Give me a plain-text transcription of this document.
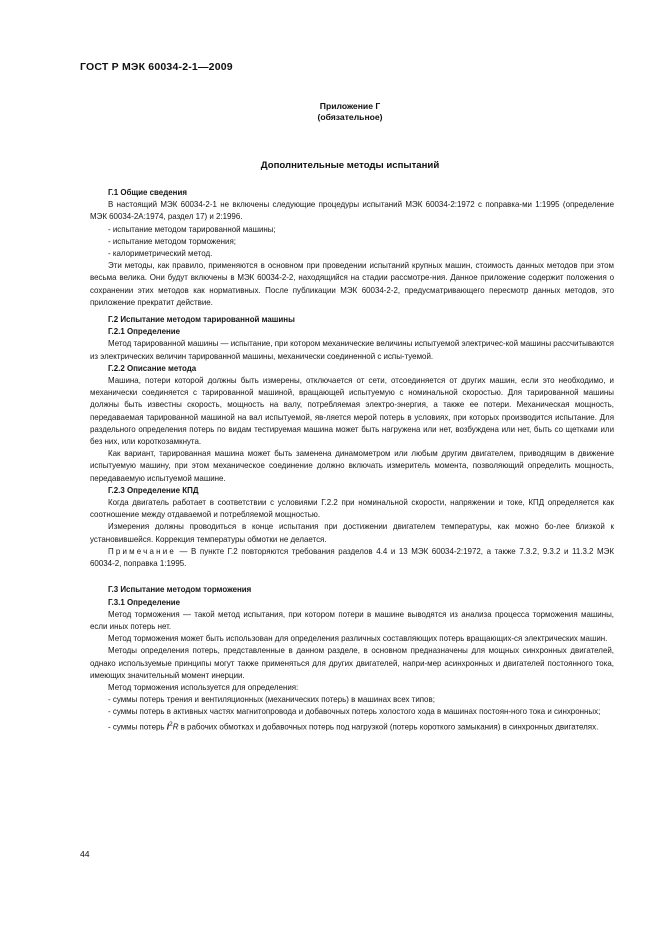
ГОСТ Р МЭК 60034-2-1—2009
Приложение Г
(обязательное)
Дополнительные методы испытаний

Г.1 Общие сведения

В настоящий МЭК 60034-2-1 не включены следующие процедуры испытаний МЭК 60034-2:1972 с поправка-ми 1:1995 (определение МЭК 60034-2А:1974, раздел 17) и 2:1996.

- испытание методом тарированной машины;

- испытание методом торможения;

- калориметрический метод.

Эти методы, как правило, применяются в основном при проведении испытаний крупных машин, стоимость данных методов при этом весьма велика. Они будут включены в МЭК 60034-2-2, находящийся на стадии рассмотре-ния. Данное приложение содержит положения о сохранении этих методов как нормативных. После публикации МЭК 60034-2-2, предусматривающего пересмотр данных методов, это приложение прекратит действие.

Г.2 Испытание методом тарированной машины

Г.2.1 Определение

Метод тарированной машины — испытание, при котором механические величины испытуемой электричес-кой машины рассчитываются из электрических величин тарированной машины, механически соединенной с испы-туемой.

Г.2.2 Описание метода

Машина, потери которой должны быть измерены, отключается от сети, отсоединяется от других машин, если это необходимо, и механически соединяется с тарированной машиной, вращающей испытуемую с номинальной скоростью. Для тарированной машины должны быть известны скорость, мощность на валу, потребляемая электро-энергия, а также ее потери. Механическая мощность, передаваемая тарированной машиной на вал испытуемой, яв-ляется мерой потерь в условиях, при которых производится испытание. Для раздельного определения потерь по видам тестируемая машина может быть нагружена или нет, возбуждена или нет, быть со щетками или без них, или короткозамкнута.

Как вариант, тарированная машина может быть заменена динамометром или любым другим двигателем, приводящим в движение испытуемую машину, при этом механическое соединение должно включать измеритель момента, позволяющий определить мощность, передаваемую испытуемой машине.

Г.2.3 Определение КПД

Когда двигатель работает в соответствии с условиями Г.2.2 при номинальной скорости, напряжении и токе, КПД определяется как соотношение между отдаваемой и потребляемой мощностью.

Измерения должны проводиться в конце испытания при достижении двигателем температуры, как можно бо-лее близкой к установившейся. Коррекция температуры обмотки не делается.

Примечание — В пункте Г.2 повторяются требования разделов 4.4 и 13 МЭК 60034-2:1972, а также 7.3.2, 9.3.2 и 11.3.2 МЭК 60034-2, поправка 1:1995.

Г.3 Испытание методом торможения

Г.3.1 Определение

Метод торможения — такой метод испытания, при котором потери в машине выводятся из анализа процесса торможения машины, если иных потерь нет.

Метод торможения может быть использован для определения различных составляющих потерь вращающих-ся электрических машин.

Методы определения потерь, представленные в данном разделе, в основном предназначены для мощных синхронных двигателей, однако используемые принципы могут также применяться для других двигателей, напри-мер асинхронных и двигателей постоянного тока, имеющих значительный момент инерции.

Метод торможения используется для определения:

- суммы потерь трения и вентиляционных (механических потерь) в машинах всех типов;

- суммы потерь в активных частях магнитопровода и добавочных потерь холостого хода в машинах постоян-ного тока и синхронных;

- суммы потерь $I^2R$ в рабочих обмотках и добавочных потерь под нагрузкой (потерь короткого замыкания) в синхронных двигателях.

44
